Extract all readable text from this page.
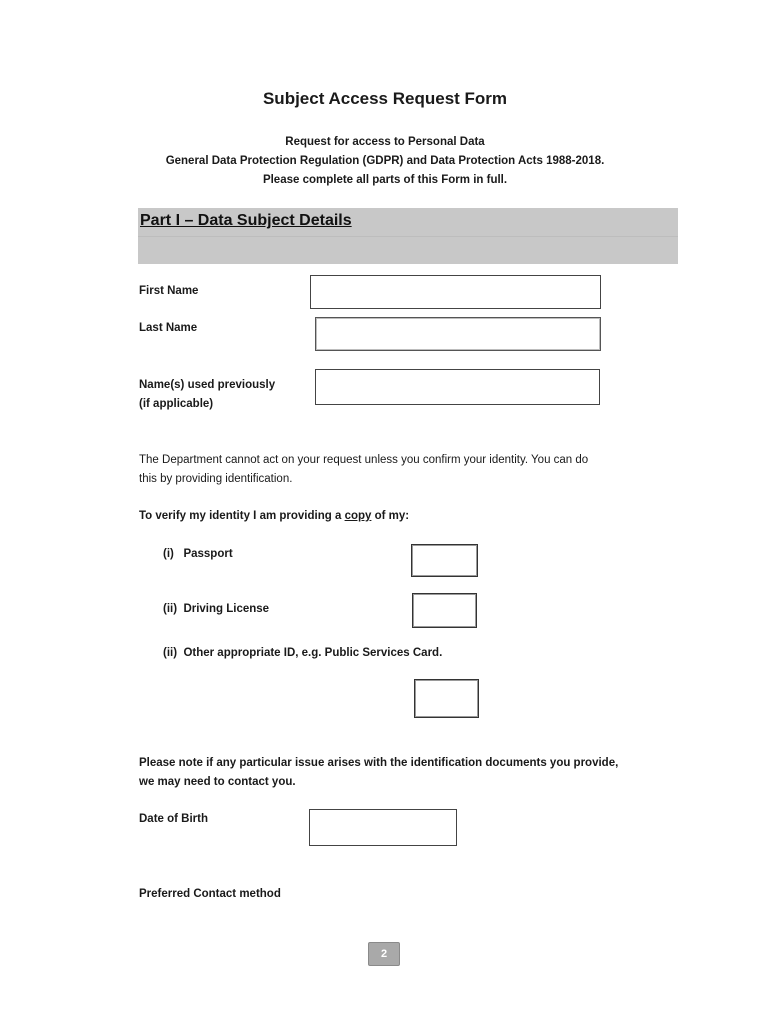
Subject Access Request Form
Request for access to Personal Data
General Data Protection Regulation (GDPR) and Data Protection Acts 1988-2018.
Please complete all parts of this Form in full.
Part I – Data Subject Details
First Name
Last Name
Name(s) used previously
(if applicable)
The Department cannot act on your request unless you confirm your identity. You can do
this by providing identification.
To verify my identity I am providing a copy of my:
(i)   Passport
(ii)  Driving License
(ii)  Other appropriate ID, e.g. Public Services Card.
Please note if any particular issue arises with the identification documents you provide,
we may need to contact you.
Date of Birth
Preferred Contact method
2
